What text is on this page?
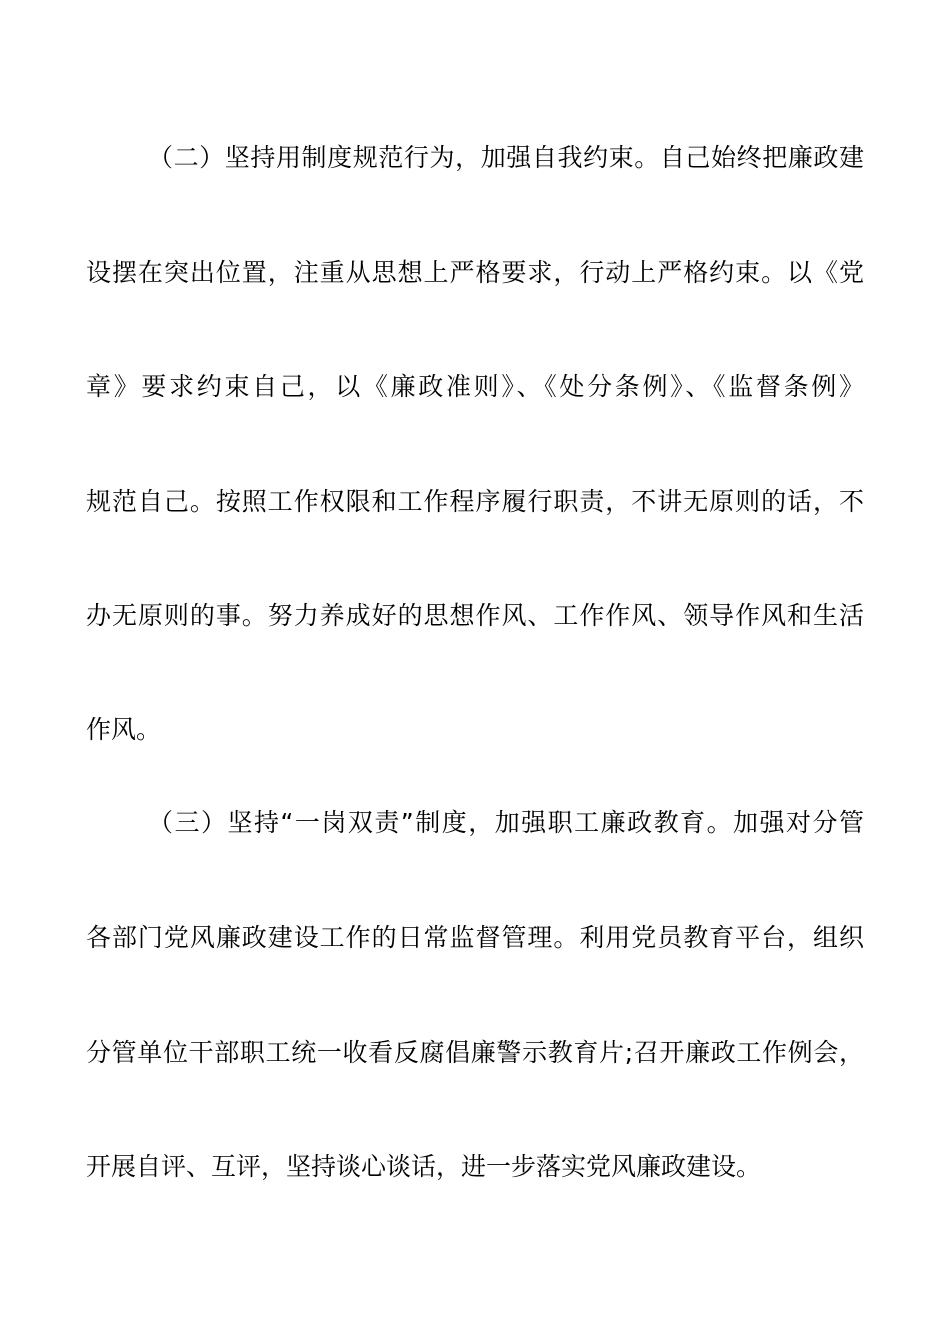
（二）坚持用制度规范行为，加强自我约束。自己始终把廉政建
设摆在突出位置，注重从思想上严格要求，行动上严格约束。以《党
章》要求约束自己，以《廉政准则》、《处分条例》、《监督条例》
规范自己。按照工作权限和工作程序履行职责，不讲无原则的话，不
办无原则的事。努力养成好的思想作风、工作作风、领导作风和生活
作风。
（三）坚持“一岗双责”制度，加强职工廉政教育。加强对分管
各部门党风廉政建设工作的日常监督管理。利用党员教育平台，组织
分管单位干部职工统一收看反腐倡廉警示教育片;召开廉政工作例会，
开展自评、互评，坚持谈心谈话，进一步落实党风廉政建设。
